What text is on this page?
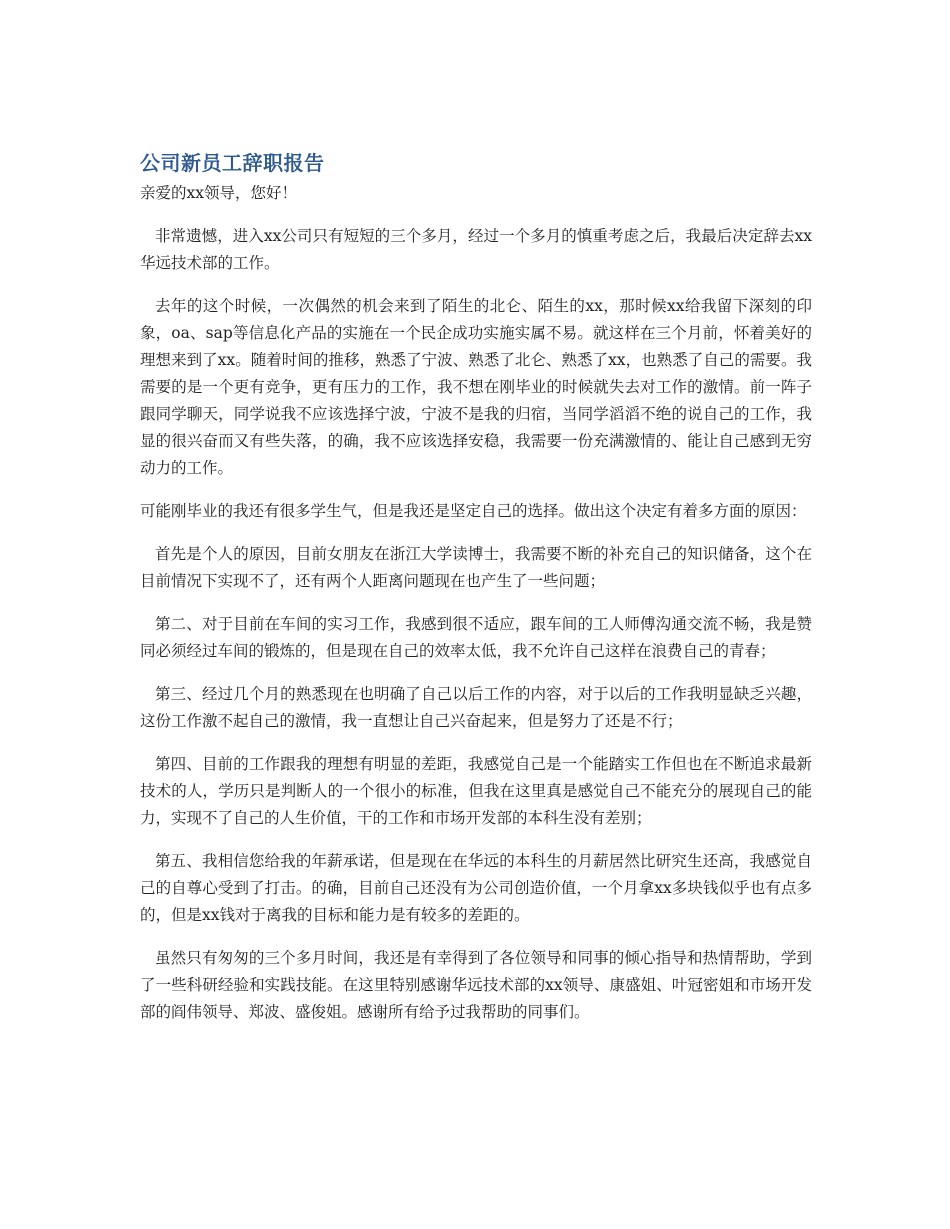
公司新员工辞职报告

亲爱的xx领导，您好！

非常遗憾，进入xx公司只有短短的三个多月，经过一个多月的慎重考虑之后，我最后决定辞去xx华远技术部的工作。

去年的这个时候，一次偶然的机会来到了陌生的北仑、陌生的xx，那时候xx给我留下深刻的印象，oa、sap等信息化产品的实施在一个民企成功实施实属不易。就这样在三个月前，怀着美好的理想来到了xx。随着时间的推移，熟悉了宁波、熟悉了北仑、熟悉了xx，也熟悉了自己的需要。我需要的是一个更有竞争，更有压力的工作，我不想在刚毕业的时候就失去对工作的激情。前一阵子跟同学聊天，同学说我不应该选择宁波，宁波不是我的归宿，当同学滔滔不绝的说自己的工作，我显的很兴奋而又有些失落，的确，我不应该选择安稳，我需要一份充满激情的、能让自己感到无穷动力的工作。

可能刚毕业的我还有很多学生气，但是我还是坚定自己的选择。做出这个决定有着多方面的原因：

首先是个人的原因，目前女朋友在浙江大学读博士，我需要不断的补充自己的知识储备，这个在目前情况下实现不了，还有两个人距离问题现在也产生了一些问题；

第二、对于目前在车间的实习工作，我感到很不适应，跟车间的工人师傅沟通交流不畅，我是赞同必须经过车间的锻炼的，但是现在自己的效率太低，我不允许自己这样在浪费自己的青春；

第三、经过几个月的熟悉现在也明确了自己以后工作的内容，对于以后的工作我明显缺乏兴趣，这份工作激不起自己的激情，我一直想让自己兴奋起来，但是努力了还是不行；

第四、目前的工作跟我的理想有明显的差距，我感觉自己是一个能踏实工作但也在不断追求最新技术的人，学历只是判断人的一个很小的标准，但我在这里真是感觉自己不能充分的展现自己的能力，实现不了自己的人生价值，干的工作和市场开发部的本科生没有差别；

第五、我相信您给我的年薪承诺，但是现在在华远的本科生的月薪居然比研究生还高，我感觉自己的自尊心受到了打击。的确，目前自己还没有为公司创造价值，一个月拿xx多块钱似乎也有点多的，但是xx钱对于离我的目标和能力是有较多的差距的。

虽然只有匆匆的三个多月时间，我还是有幸得到了各位领导和同事的倾心指导和热情帮助，学到了一些科研经验和实践技能。在这里特别感谢华远技术部的xx领导、康盛姐、叶冠密姐和市场开发部的阎伟领导、郑波、盛俊姐。感谢所有给予过我帮助的同事们。
